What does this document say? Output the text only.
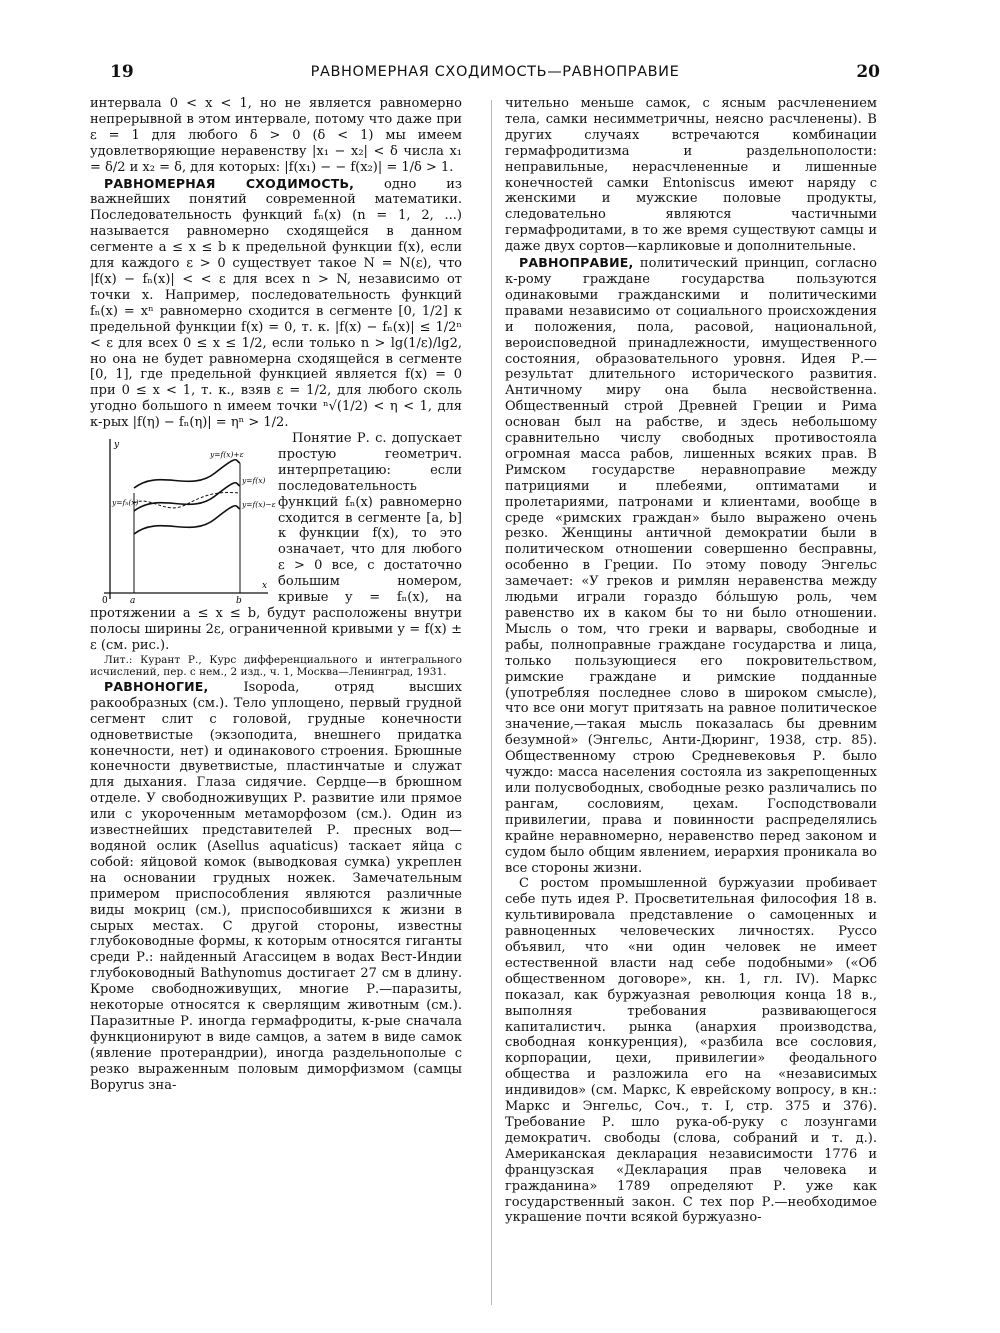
19	РАВНОМЕРНАЯ СХОДИМОСТЬ—РАВНОПРАВИЕ	20

интервала 0 < x < 1, но не является равномерно непрерывной в этом интервале, потому что даже при ε = 1 для любого δ > 0 (δ < 1) мы имеем удовлетворяющие неравенству |x₁ − x₂| < δ числа x₁ = δ/2 и x₂ = δ, для которых: |f(x₁) − − f(x₂)| = 1/δ > 1.

РАВНОМЕРНАЯ СХОДИМОСТЬ, одно из важнейших понятий современной математики. Последовательность функций fₙ(x) (n = 1, 2, ...) называется равномерно сходящейся в данном сегменте a ≤ x ≤ b к предельной функции f(x), если для каждого ε > 0 существует такое N = N(ε), что |f(x) − fₙ(x)| < < ε для всех n > N, независимо от точки x. Например, последовательность функций fₙ(x) = xⁿ равномерно сходится в сегменте [0, 1/2] к предельной функции f(x) = 0, т. к. |f(x) − fₙ(x)| ≤ 1/2ⁿ < ε для всех 0 ≤ x ≤ 1/2, если только n > lg(1/ε)/lg2, но она не будет равномерна сходящейся в сегменте [0, 1], где предельной функцией является f(x) = 0 при 0 ≤ x < 1, т. к., взяв ε = 1/2, для любого сколь угодно большого n имеем точки ⁿ√(1/2) < η < 1, для к-рых |f(η) − fₙ(η)| = ηⁿ > 1/2.

y
x
0 a	b
y=f(x)+ε
y=f(x)
y=f(x)−ε
y=fₙ(x)

Понятие Р. с. допускает простую геометрич. интерпретацию: если последовательность функций fₙ(x) равномерно сходится в сегменте [a, b] к функции f(x), то это означает, что для любого ε > 0 все, с достаточно большим номером, кривые y = fₙ(x), на протяжении a ≤ x ≤ b, будут расположены внутри полосы ширины 2ε, ограниченной кривыми y = f(x) ± ε (см. рис.).

Лит.: Курант Р., Курс дифференциального и интегрального исчислений, пер. с нем., 2 изд., ч. 1, Москва—Ленинград, 1931.

РАВНОНОГИЕ, Isopoda, отряд высших ракообразных (см.). Тело уплощено, первый грудной сегмент слит с головой, грудные конечности одноветвистые (экзоподита, внешнего придатка конечности, нет) и одинакового строения. Брюшные конечности двуветвистые, пластинчатые и служат для дыхания. Глаза сидячие. Сердце—в брюшном отделе. У свободноживущих Р. развитие или прямое или с укороченным метаморфозом (см.). Один из известнейших представителей Р. пресных вод—водяной ослик (Asellus aquaticus) таскает яйца с собой: яйцовой комок (выводковая сумка) укреплен на основании грудных ножек. Замечательным примером приспособления являются различные виды мокриц (см.), приспособившихся к жизни в сырых местах. С другой стороны, известны глубоководные формы, к которым относятся гиганты среди Р.: найденный Агассицем в водах Вест-Индии глубоководный Bathynomus достигает 27 см в длину. Кроме свободноживущих, многие Р.—паразиты, некоторые относятся к сверлящим животным (см.). Паразитные Р. иногда гермафродиты, к-рые сначала функционируют в виде самцов, а затем в виде самок (явление протерандрии), иногда раздельнополые с резко выраженным половым диморфизмом (самцы Bopyrus зна-

чительно меньше самок, с ясным расчленением тела, самки несимметричны, неясно расчленены). В других случаях встречаются комбинации гермафродитизма и раздельнополости: неправильные, нерасчлененные и лишенные конечностей самки Entoniscus имеют наряду с женскими и мужские половые продукты, следовательно являются частичными гермафродитами, в то же время существуют самцы и даже двух сортов—карликовые и дополнительные.

РАВНОПРАВИЕ, политический принцип, согласно к-рому граждане государства пользуются одинаковыми гражданскими и политическими правами независимо от социального происхождения и положения, пола, расовой, национальной, вероисповедной принадлежности, имущественного состояния, образовательного уровня. Идея Р.—результат длительного исторического развития. Античному миру она была несвойственна. Общественный строй Древней Греции и Рима основан был на рабстве, и здесь небольшому сравнительно числу свободных противостояла огромная масса рабов, лишенных всяких прав. В Римском государстве неравноправие между патрициями и плебеями, оптиматами и пролетариями, патронами и клиентами, вообще в среде «римских граждан» было выражено очень резко. Женщины античной демократии были в политическом отношении совершенно бесправны, особенно в Греции. По этому поводу Энгельс замечает: «У греков и римлян неравенства между людьми играли гораздо бо́льшую роль, чем равенство их в каком бы то ни было отношении. Мысль о том, что греки и варвары, свободные и рабы, полноправные граждане государства и лица, только пользующиеся его покровительством, римские граждане и римские подданные (употребляя последнее слово в широком смысле), что все они могут притязать на равное политическое значение,—такая мысль показалась бы древним безумной» (Энгельс, Анти-Дюринг, 1938, стр. 85). Общественному строю Средневековья Р. было чуждо: масса населения состояла из закрепощенных или полусвободных, свободные резко различались по рангам, сословиям, цехам. Господствовали привилегии, права и повинности распределялись крайне неравномерно, неравенство перед законом и судом было общим явлением, иерархия проникала во все стороны жизни.

С ростом промышленной буржуазии пробивает себе путь идея Р. Просветительная философия 18 в. культивировала представление о самоценных и равноценных человеческих личностях. Руссо объявил, что «ни один человек не имеет естественной власти над себе подобными» («Об общественном договоре», кн. 1, гл. IV). Маркс показал, как буржуазная революция конца 18 в., выполняя требования развивающегося капиталистич. рынка (анархия производства, свободная конкуренция), «разбила все сословия, корпорации, цехи, привилегии» феодального общества и разложила его на «независимых индивидов» (см. Маркс, К еврейскому вопросу, в кн.: Маркс и Энгельс, Соч., т. I, стр. 375 и 376). Требование Р. шло рука-об-руку с лозунгами демократич. свободы (слова, собраний и т. д.). Американская декларация независимости 1776 и французская «Декларация прав человека и гражданина» 1789 определяют Р. уже как государственный закон. С тех пор Р.—необходимое украшение почти всякой буржуазно-
